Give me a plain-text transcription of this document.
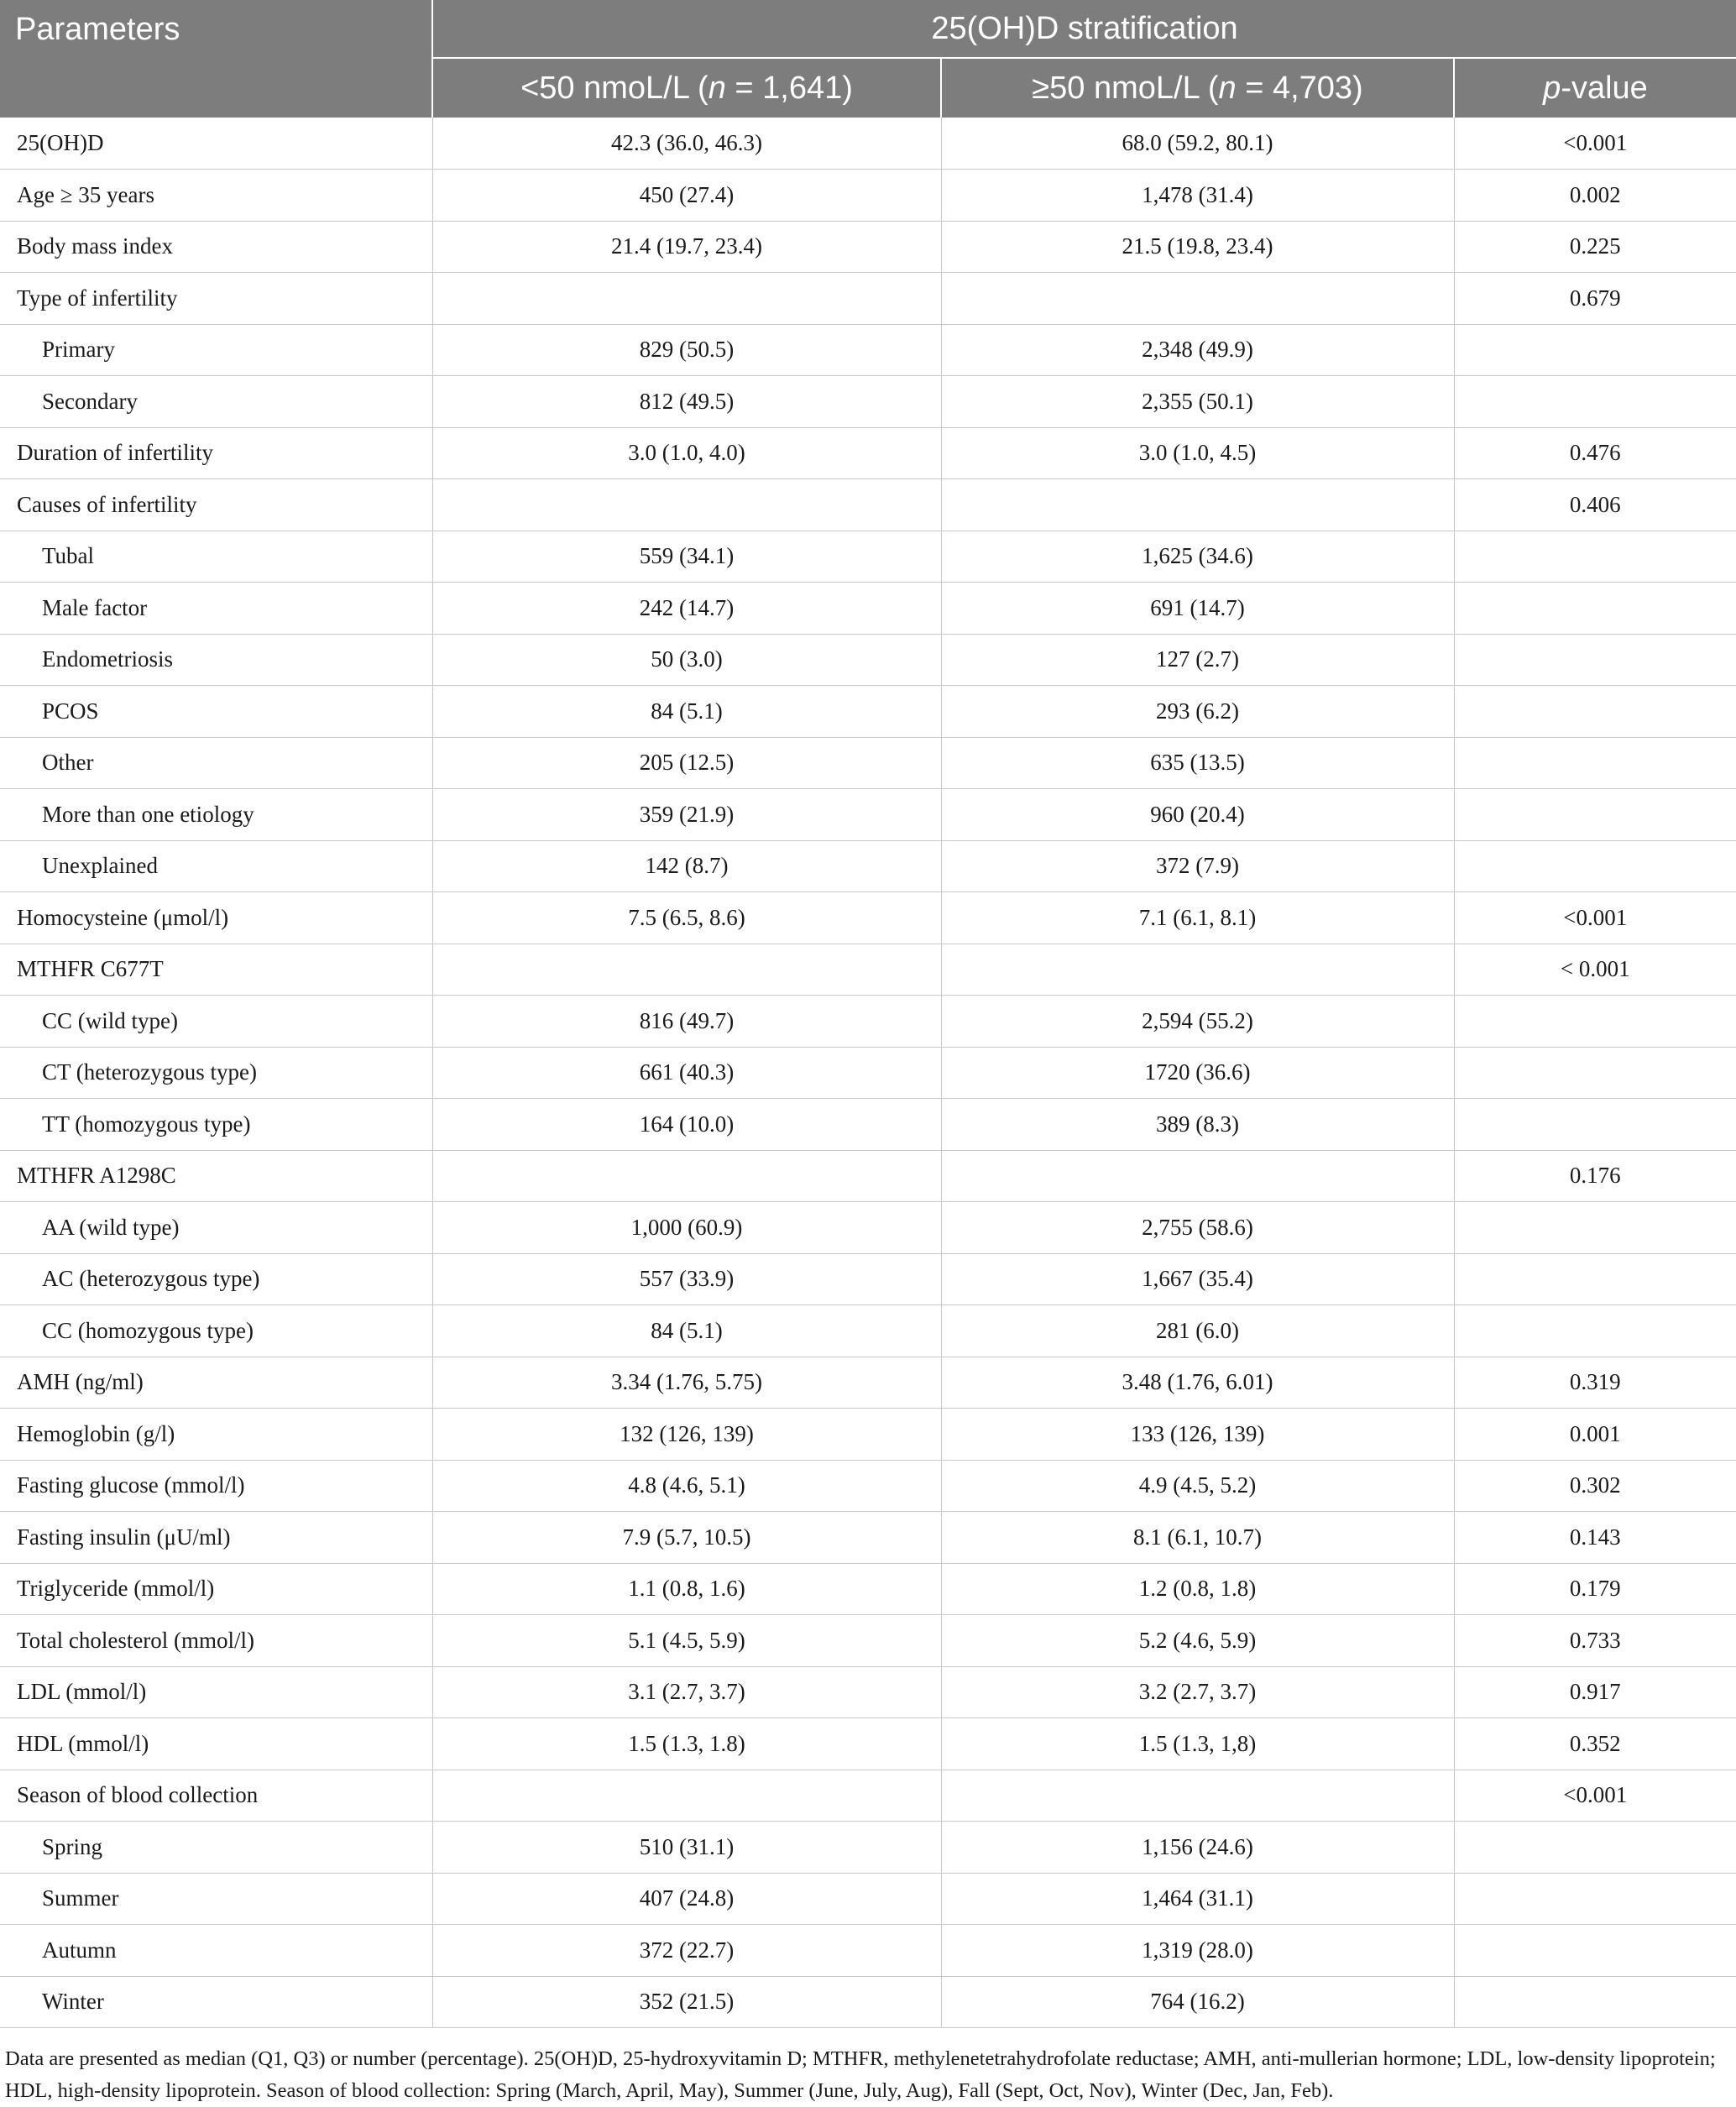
Parameters	25(OH)D stratification		
	<50 nmoL/L (n = 1,641)	≥50 nmoL/L (n = 4,703)	p-value
25(OH)D	42.3 (36.0, 46.3)	68.0 (59.2, 80.1)	<0.001
Age ≥ 35 years	450 (27.4)	1,478 (31.4)	0.002
Body mass index	21.4 (19.7, 23.4)	21.5 (19.8, 23.4)	0.225
Type of infertility			0.679
Primary	829 (50.5)	2,348 (49.9)	
Secondary	812 (49.5)	2,355 (50.1)	
Duration of infertility	3.0 (1.0, 4.0)	3.0 (1.0, 4.5)	0.476
Causes of infertility			0.406
Tubal	559 (34.1)	1,625 (34.6)	
Male factor	242 (14.7)	691 (14.7)	
Endometriosis	50 (3.0)	127 (2.7)	
PCOS	84 (5.1)	293 (6.2)	
Other	205 (12.5)	635 (13.5)	
More than one etiology	359 (21.9)	960 (20.4)	
Unexplained	142 (8.7)	372 (7.9)	
Homocysteine (μmol/l)	7.5 (6.5, 8.6)	7.1 (6.1, 8.1)	<0.001
MTHFR C677T			< 0.001
CC (wild type)	816 (49.7)	2,594 (55.2)	
CT (heterozygous type)	661 (40.3)	1720 (36.6)	
TT (homozygous type)	164 (10.0)	389 (8.3)	
MTHFR A1298C			0.176
AA (wild type)	1,000 (60.9)	2,755 (58.6)	
AC (heterozygous type)	557 (33.9)	1,667 (35.4)	
CC (homozygous type)	84 (5.1)	281 (6.0)	
AMH (ng/ml)	3.34 (1.76, 5.75)	3.48 (1.76, 6.01)	0.319
Hemoglobin (g/l)	132 (126, 139)	133 (126, 139)	0.001
Fasting glucose (mmol/l)	4.8 (4.6, 5.1)	4.9 (4.5, 5.2)	0.302
Fasting insulin (μU/ml)	7.9 (5.7, 10.5)	8.1 (6.1, 10.7)	0.143
Triglyceride (mmol/l)	1.1 (0.8, 1.6)	1.2 (0.8, 1.8)	0.179
Total cholesterol (mmol/l)	5.1 (4.5, 5.9)	5.2 (4.6, 5.9)	0.733
LDL (mmol/l)	3.1 (2.7, 3.7)	3.2 (2.7, 3.7)	0.917
HDL (mmol/l)	1.5 (1.3, 1.8)	1.5 (1.3, 1,8)	0.352
Season of blood collection			<0.001
Spring	510 (31.1)	1,156 (24.6)	
Summer	407 (24.8)	1,464 (31.1)	
Autumn	372 (22.7)	1,319 (28.0)	
Winter	352 (21.5)	764 (16.2)	
Data are presented as median (Q1, Q3) or number (percentage). 25(OH)D, 25-hydroxyvitamin D; MTHFR, methylenetetrahydrofolate reductase; AMH, anti-mullerian hormone; LDL, low-density lipoprotein; HDL, high-density lipoprotein. Season of blood collection: Spring (March, April, May), Summer (June, July, Aug), Fall (Sept, Oct, Nov), Winter (Dec, Jan, Feb).
